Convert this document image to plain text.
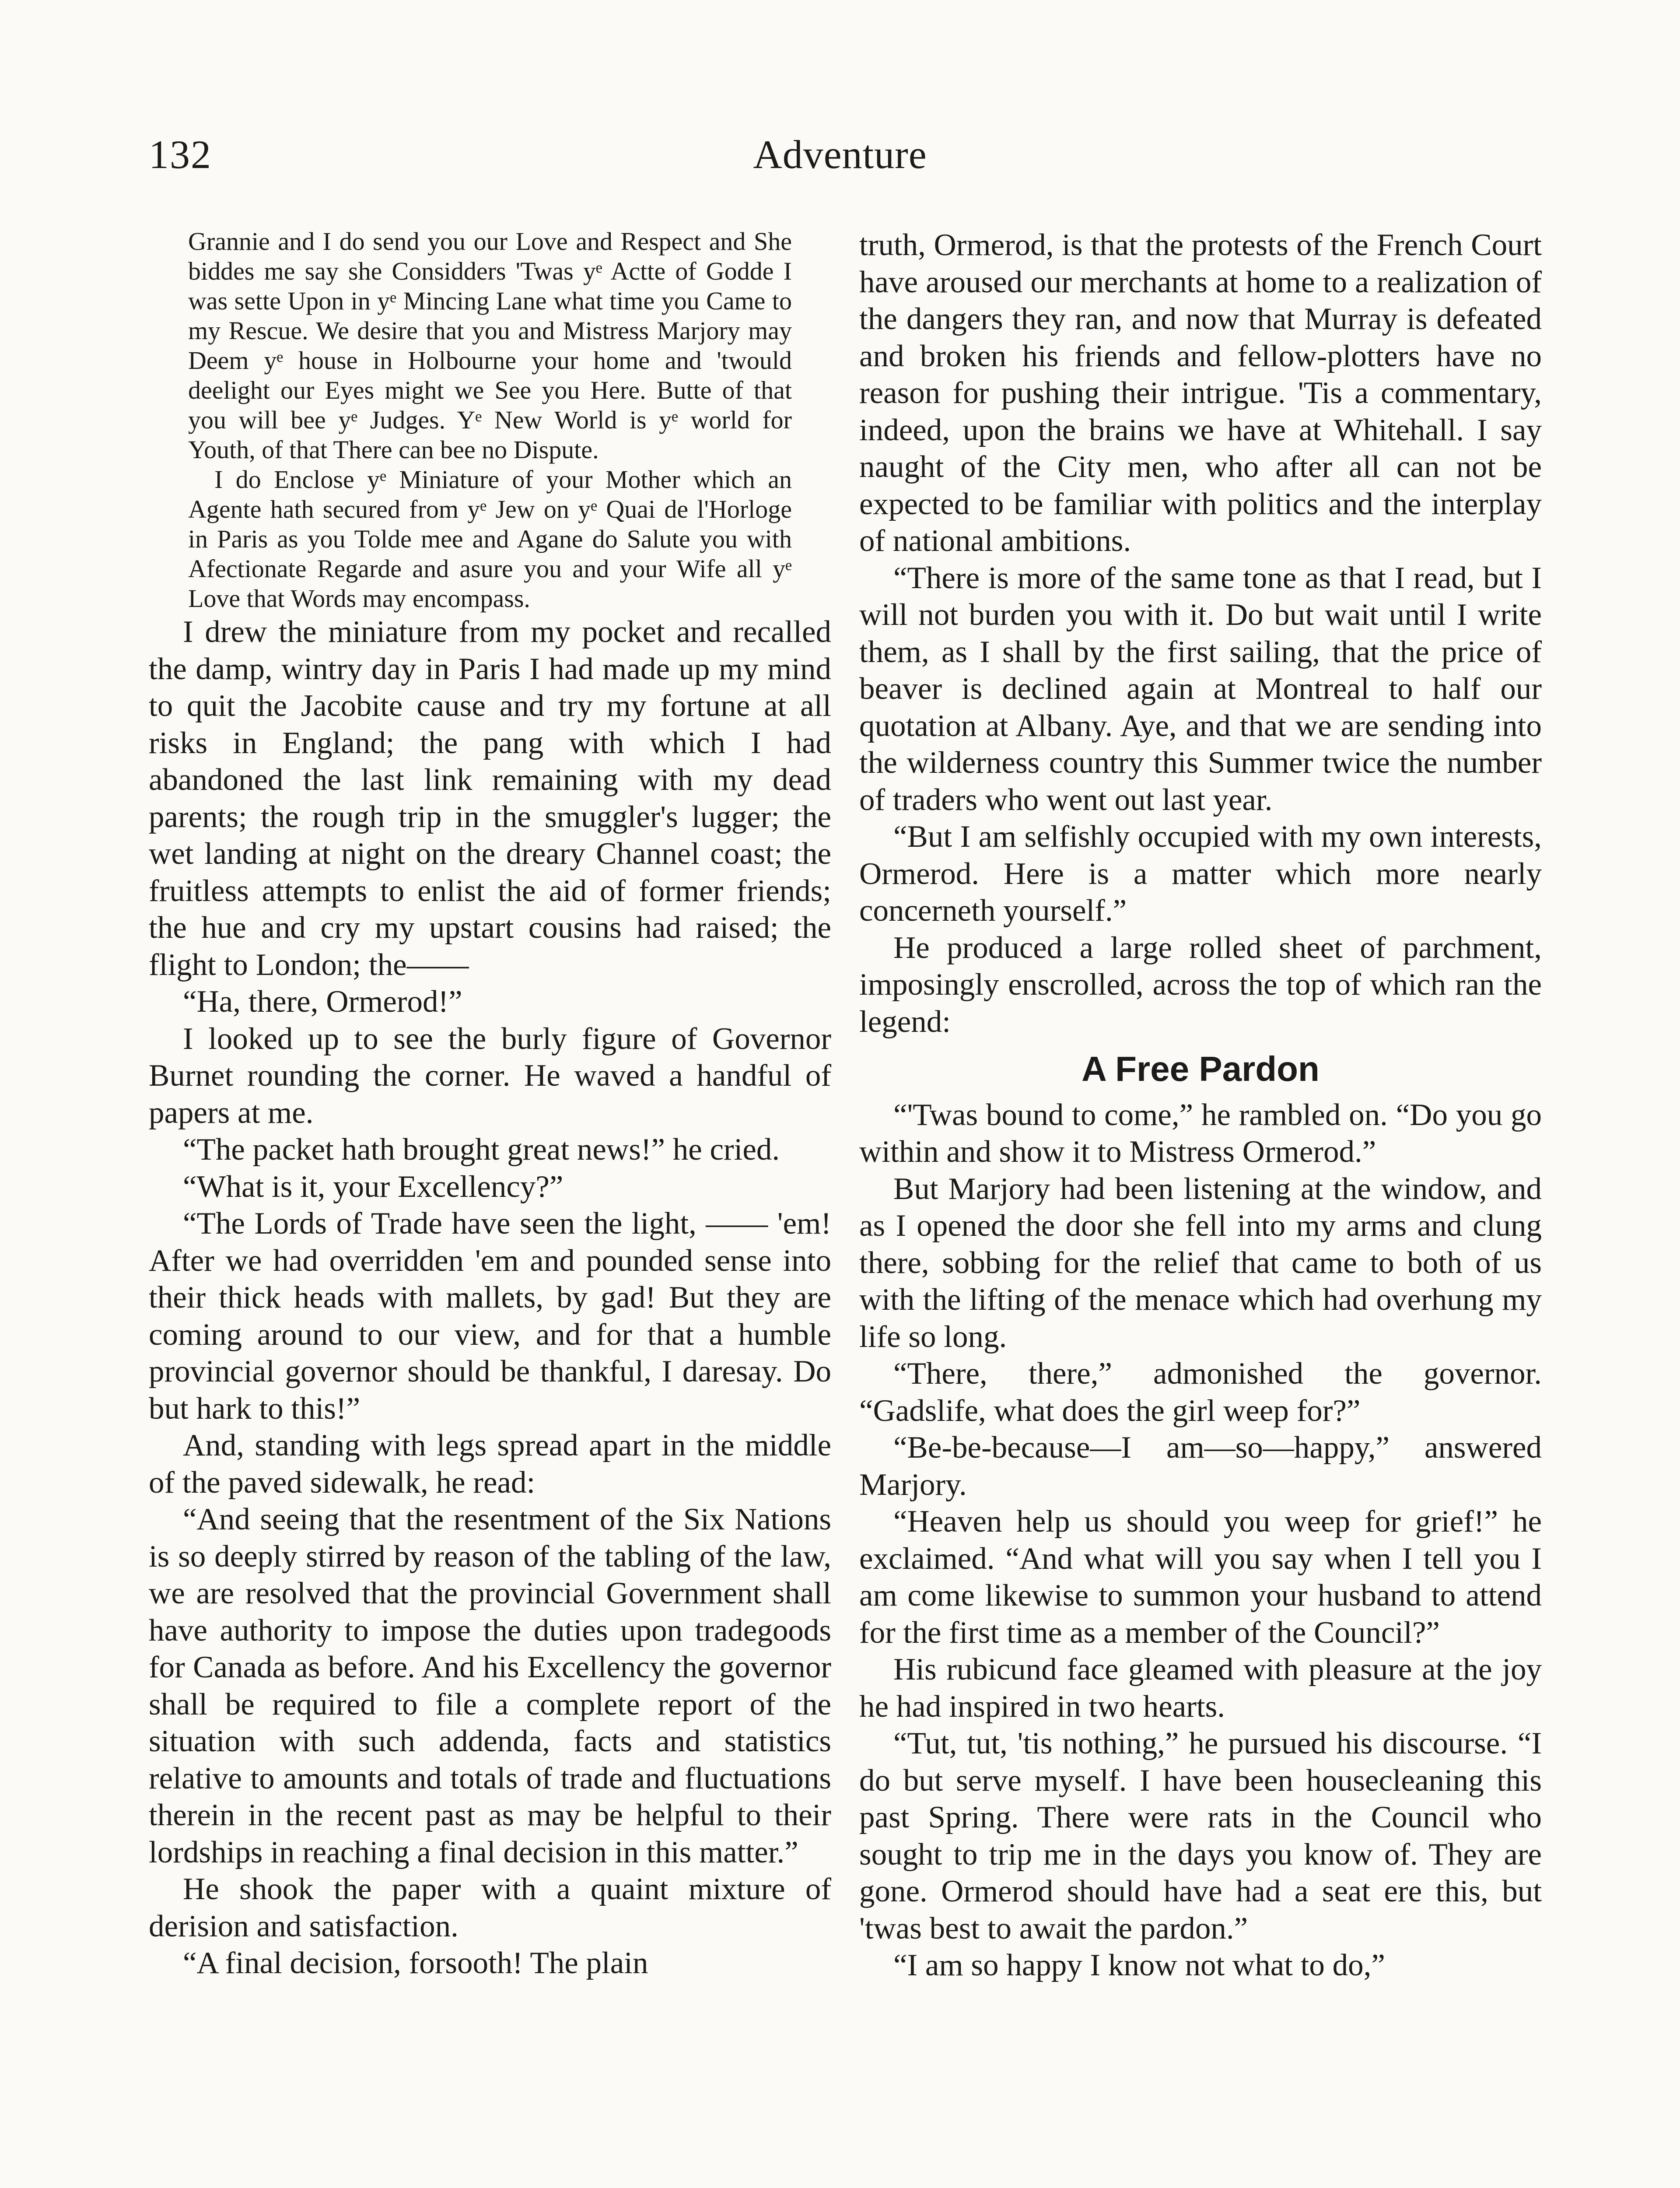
132	Adventure

Grannie and I do send you our Love and Respect and She biddes me say she Considders 'Twas yᵉ Actte of Godde I was sette Upon in yᵉ Mincing Lane what time you Came to my Rescue. We desire that you and Mistress Marjory may Deem yᵉ house in Holbourne your home and 'twould deelight our Eyes might we See you Here. Butte of that you will bee yᵉ Judges. Yᵉ New World is yᵉ world for Youth, of that There can bee no Dispute.

I do Enclose yᵉ Miniature of your Mother which an Agente hath secured from yᵉ Jew on yᵉ Quai de l'Horloge in Paris as you Tolde mee and Agane do Salute you with Afectionate Regarde and asure you and your Wife all yᵉ Love that Words may encompass.

I drew the miniature from my pocket and recalled the damp, wintry day in Paris I had made up my mind to quit the Jacobite cause and try my fortune at all risks in England; the pang with which I had abandoned the last link remaining with my dead parents; the rough trip in the smuggler's lugger; the wet landing at night on the dreary Channel coast; the fruitless attempts to enlist the aid of former friends; the hue and cry my upstart cousins had raised; the flight to London; the——

“Ha, there, Ormerod!”

I looked up to see the burly figure of Governor Burnet rounding the corner. He waved a handful of papers at me.

“The packet hath brought great news!” he cried.

“What is it, your Excellency?”

“The Lords of Trade have seen the light, —— 'em! After we had overridden 'em and pounded sense into their thick heads with mallets, by gad! But they are coming around to our view, and for that a humble provincial governor should be thankful, I daresay. Do but hark to this!”

And, standing with legs spread apart in the middle of the paved sidewalk, he read:

“And seeing that the resentment of the Six Nations is so deeply stirred by reason of the tabling of the law, we are resolved that the provincial Government shall have authority to impose the duties upon tradegoods for Canada as before. And his Excellency the governor shall be required to file a complete report of the situation with such addenda, facts and statistics relative to amounts and totals of trade and fluctuations therein in the recent past as may be helpful to their lordships in reaching a final decision in this matter.”

He shook the paper with a quaint mixture of derision and satisfaction.

“A final decision, forsooth! The plain

truth, Ormerod, is that the protests of the French Court have aroused our merchants at home to a realization of the dangers they ran, and now that Murray is defeated and broken his friends and fellow-plotters have no reason for pushing their intrigue. 'Tis a commentary, indeed, upon the brains we have at Whitehall. I say naught of the City men, who after all can not be expected to be familiar with politics and the interplay of national ambitions.

“There is more of the same tone as that I read, but I will not burden you with it. Do but wait until I write them, as I shall by the first sailing, that the price of beaver is declined again at Montreal to half our quotation at Albany. Aye, and that we are sending into the wilderness country this Summer twice the number of traders who went out last year.

“But I am selfishly occupied with my own interests, Ormerod. Here is a matter which more nearly concerneth yourself.”

He produced a large rolled sheet of parchment, imposingly enscrolled, across the top of which ran the legend:

A Free Pardon

“'Twas bound to come,” he rambled on. “Do you go within and show it to Mistress Ormerod.”

But Marjory had been listening at the window, and as I opened the door she fell into my arms and clung there, sobbing for the relief that came to both of us with the lifting of the menace which had overhung my life so long.

“There, there,” admonished the governor. “Gadslife, what does the girl weep for?”

“Be-be-because—I am—so—happy,” answered Marjory.

“Heaven help us should you weep for grief!” he exclaimed. “And what will you say when I tell you I am come likewise to summon your husband to attend for the first time as a member of the Council?”

His rubicund face gleamed with pleasure at the joy he had inspired in two hearts.

“Tut, tut, 'tis nothing,” he pursued his discourse. “I do but serve myself. I have been housecleaning this past Spring. There were rats in the Council who sought to trip me in the days you know of. They are gone. Ormerod should have had a seat ere this, but 'twas best to await the pardon.”

“I am so happy I know not what to do,”
